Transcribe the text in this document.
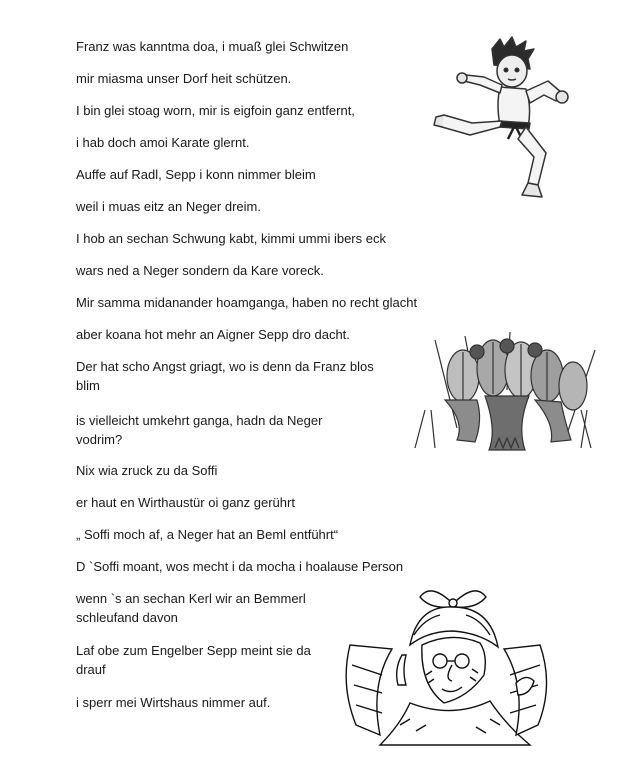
Franz was kanntma doa, i muaß glei Schwitzen
mir miasma unser Dorf heit schützen.
I bin glei stoag worn, mir is eigfoin ganz entfernt,
i hab doch amoi Karate glernt.
Auffe auf Radl, Sepp i konn nimmer bleim
weil i muas eitz an Neger dreim.
I hob an sechan Schwung kabt, kimmi ummi ibers eck
wars ned a Neger sondern da Kare voreck.
Mir samma midanander hoamganga, haben no recht glacht
aber koana hot mehr an Aigner Sepp dro dacht.
Der hat scho Angst griagt, wo is denn da Franz blos
blim
is vielleicht umkehrt ganga, hadn da Neger
vodrim?
Nix wia zruck zu da Soffi
er haut en Wirthaustür oi ganz gerührt
„ Soffi moch af, a Neger hat an Beml entführt“
D `Soffi moant, wos mecht i da mocha i hoalause Person
wenn `s an sechan Kerl wir an Bemmerl
schleufand davon
Laf obe zum Engelber Sepp meint sie da
drauf
i sperr mei Wirtshaus nimmer auf.
